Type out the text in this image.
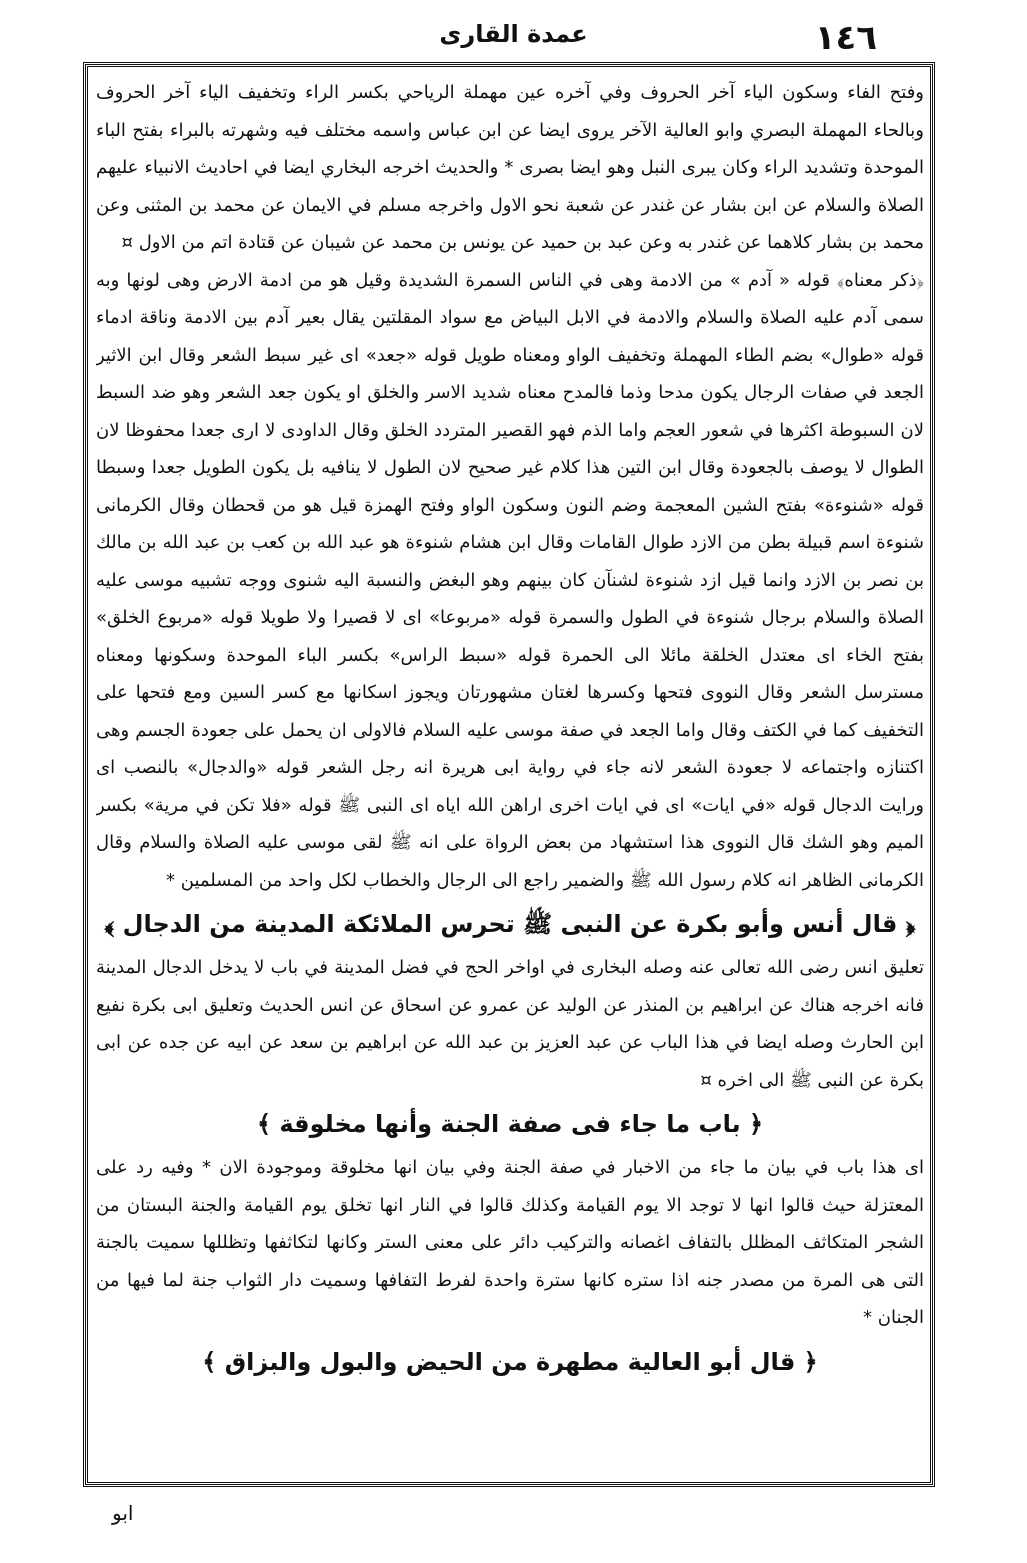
١٤٦
عمدة القارى

وفتح الفاء وسكون الياء آخر الحروف وفي آخره عين مهملة الرياحي بكسر الراء وتخفيف الياء آخر الحروف وبالحاء المهملة البصري وابو العالية الآخر يروى ايضا عن ابن عباس واسمه مختلف فيه وشهرته بالبراء بفتح الباء الموحدة وتشديد الراء وكان يبرى النبل وهو ايضا بصرى * والحديث اخرجه البخاري ايضا في احاديث الانبياء عليهم الصلاة والسلام عن ابن بشار عن غندر عن شعبة نحو الاول واخرجه مسلم في الايمان عن محمد بن المثنى وعن محمد بن بشار كلاهما عن غندر به وعن عبد بن حميد عن يونس بن محمد عن شيبان عن قتادة اتم من الاول ¤

﴿ذكر معناه﴾ قوله « آدم » من الادمة وهى في الناس السمرة الشديدة وقيل هو من ادمة الارض وهى لونها وبه سمى آدم عليه الصلاة والسلام والادمة في الابل البياض مع سواد المقلتين يقال بعير آدم بين الادمة وناقة ادماء قوله «طوال» بضم الطاء المهملة وتخفيف الواو ومعناه طويل قوله «جعد» اى غير سبط الشعر وقال ابن الاثير الجعد في صفات الرجال يكون مدحا وذما فالمدح معناه شديد الاسر والخلق او يكون جعد الشعر وهو ضد السبط لان السبوطة اكثرها في شعور العجم واما الذم فهو القصير المتردد الخلق وقال الداودى لا ارى جعدا محفوظا لان الطوال لا يوصف بالجعودة وقال ابن التين هذا كلام غير صحيح لان الطول لا ينافيه بل يكون الطويل جعدا وسبطا قوله «شنوءة» بفتح الشين المعجمة وضم النون وسكون الواو وفتح الهمزة قيل هو من قحطان وقال الكرمانى شنوءة اسم قبيلة بطن من الازد طوال القامات وقال ابن هشام شنوءة هو عبد الله بن كعب بن عبد الله بن مالك بن نصر بن الازد وانما قيل ازد شنوءة لشنآن كان بينهم وهو البغض والنسبة اليه شنوى ووجه تشبيه موسى عليه الصلاة والسلام برجال شنوءة في الطول والسمرة قوله «مربوعا» اى لا قصيرا ولا طويلا قوله «مربوع الخلق» بفتح الخاء اى معتدل الخلقة مائلا الى الحمرة قوله «سبط الراس» بكسر الباء الموحدة وسكونها ومعناه مسترسل الشعر وقال النووى فتحها وكسرها لغتان مشهورتان ويجوز اسكانها مع كسر السين ومع فتحها على التخفيف كما في الكتف وقال واما الجعد في صفة موسى عليه السلام فالاولى ان يحمل على جعودة الجسم وهى اكتنازه واجتماعه لا جعودة الشعر لانه جاء في رواية ابى هريرة انه رجل الشعر قوله «والدجال» بالنصب اى ورايت الدجال قوله «في ايات» اى في ايات اخرى اراهن الله اياه اى النبى ﷺ قوله «فلا تكن في مرية» بكسر الميم وهو الشك قال النووى هذا استشهاد من بعض الرواة على انه ﷺ لقى موسى عليه الصلاة والسلام وقال الكرمانى الظاهر انه كلام رسول الله ﷺ والضمير راجع الى الرجال والخطاب لكل واحد من المسلمين *

﴿ قال أنس وأبو بكرة عن النبى ﷺ تحرس الملائكة المدينة من الدجال ﴾

تعليق انس رضى الله تعالى عنه وصله البخارى في اواخر الحج في فضل المدينة في باب لا يدخل الدجال المدينة فانه اخرجه هناك عن ابراهيم بن المنذر عن الوليد عن عمرو عن اسحاق عن انس الحديث وتعليق ابى بكرة نفيع ابن الحارث وصله ايضا في هذا الباب عن عبد العزيز بن عبد الله عن ابراهيم بن سعد عن ابيه عن جده عن ابى بكرة عن النبى ﷺ الى اخره ¤

﴿ باب ما جاء فى صفة الجنة وأنها مخلوقة ﴾

اى هذا باب في بيان ما جاء من الاخبار في صفة الجنة وفي بيان انها مخلوقة وموجودة الان * وفيه رد على المعتزلة حيث قالوا انها لا توجد الا يوم القيامة وكذلك قالوا في النار انها تخلق يوم القيامة والجنة البستان من الشجر المتكاثف المظلل بالتفاف اغصانه والتركيب دائر على معنى الستر وكانها لتكاثفها وتظللها سميت بالجنة التى هى المرة من مصدر جنه اذا ستره كانها سترة واحدة لفرط التفافها وسميت دار الثواب جنة لما فيها من الجنان *

﴿ قال أبو العالية مطهرة من الحيض والبول والبزاق ﴾

ابو
